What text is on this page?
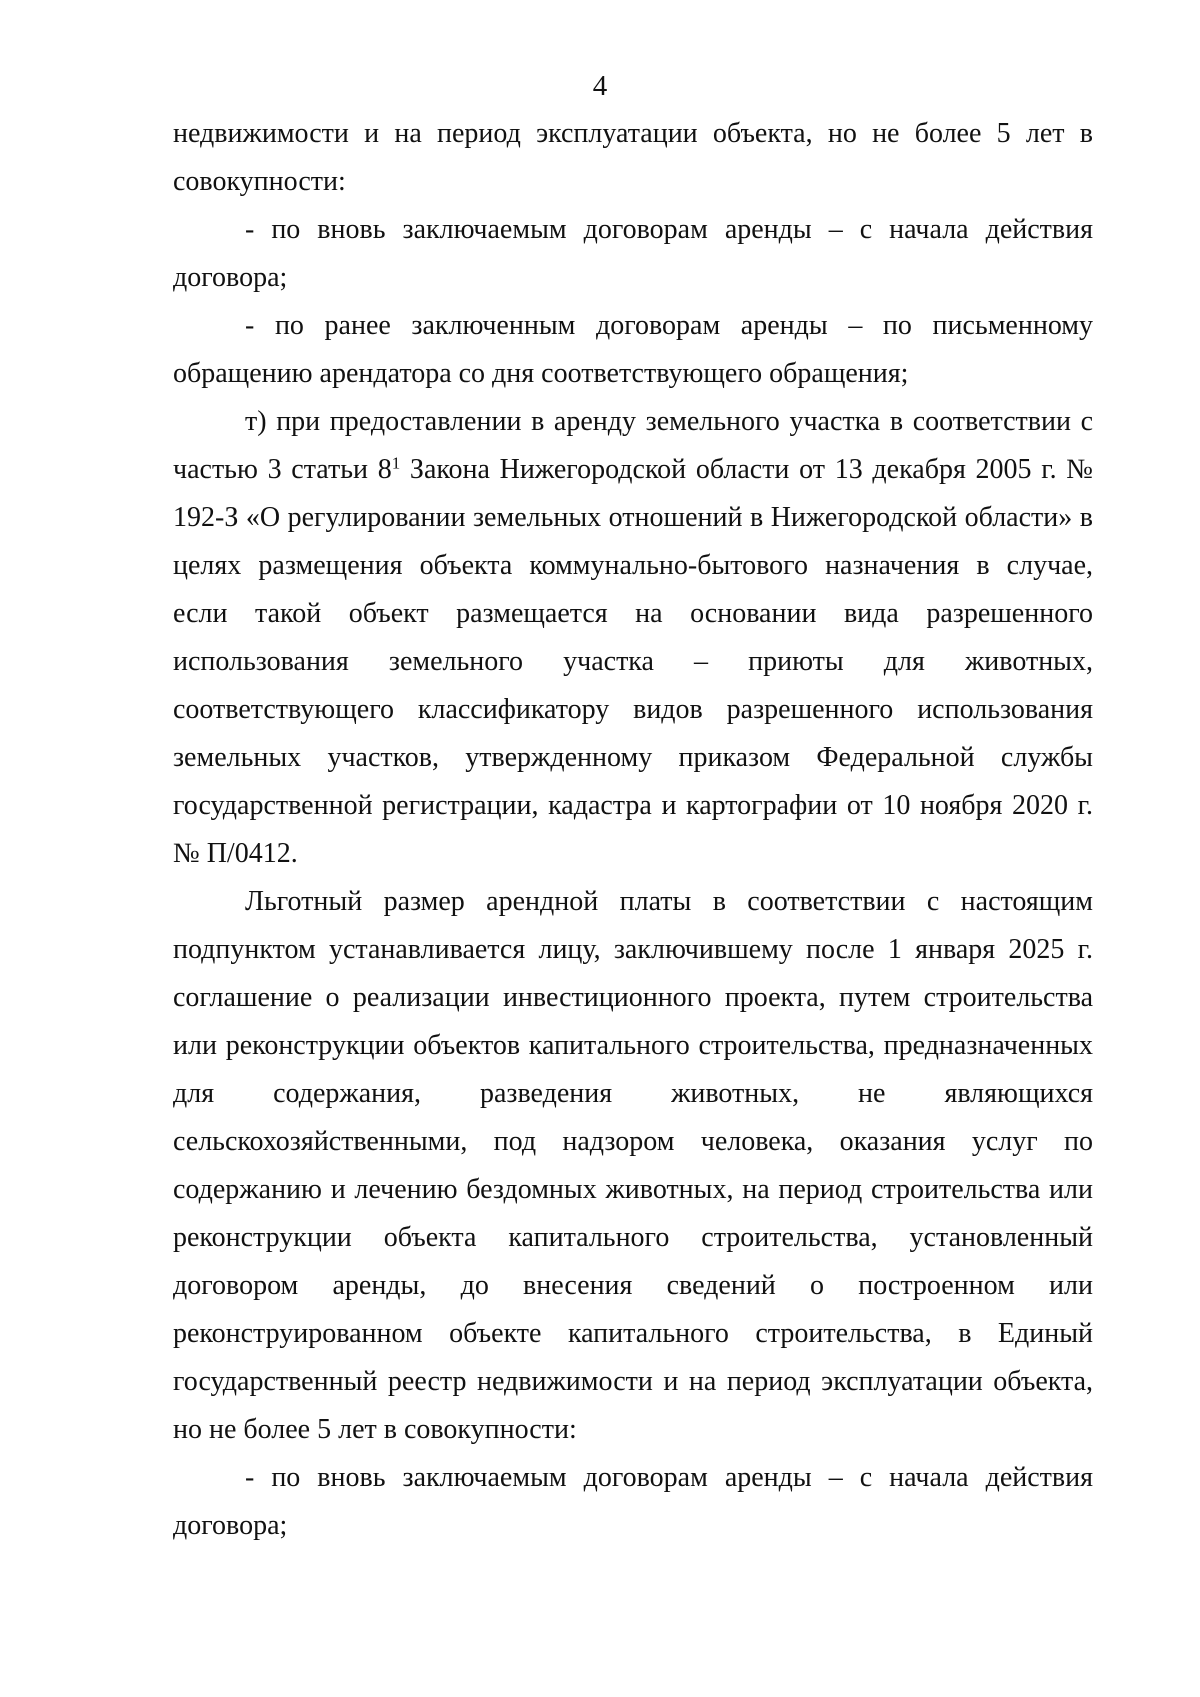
4

недвижимости и на период эксплуатации объекта, но не более 5 лет в совокупности:

- по вновь заключаемым договорам аренды – с начала действия договора;

- по ранее заключенным договорам аренды – по письменному обращению арендатора со дня соответствующего обращения;

т) при предоставлении в аренду земельного участка в соответствии с частью 3 статьи $8^1$ Закона Нижегородской области от 13 декабря 2005 г. № 192-З «О регулировании земельных отношений в Нижегородской области» в целях размещения объекта коммунально-бытового назначения в случае, если такой объект размещается на основании вида разрешенного использования земельного участка – приюты для животных, соответствующего классификатору видов разрешенного использования земельных участков, утвержденному приказом Федеральной службы государственной регистрации, кадастра и картографии от 10 ноября 2020 г. № П/0412.

Льготный размер арендной платы в соответствии с настоящим подпунктом устанавливается лицу, заключившему после 1 января 2025 г. соглашение о реализации инвестиционного проекта, путем строительства или реконструкции объектов капитального строительства, предназначенных для содержания, разведения животных, не являющихся сельскохозяйственными, под надзором человека, оказания услуг по содержанию и лечению бездомных животных, на период строительства или реконструкции объекта капитального строительства, установленный договором аренды, до внесения сведений о построенном или реконструированном объекте капитального строительства, в Единый государственный реестр недвижимости и на период эксплуатации объекта, но не более 5 лет в совокупности:

- по вновь заключаемым договорам аренды – с начала действия договора;
